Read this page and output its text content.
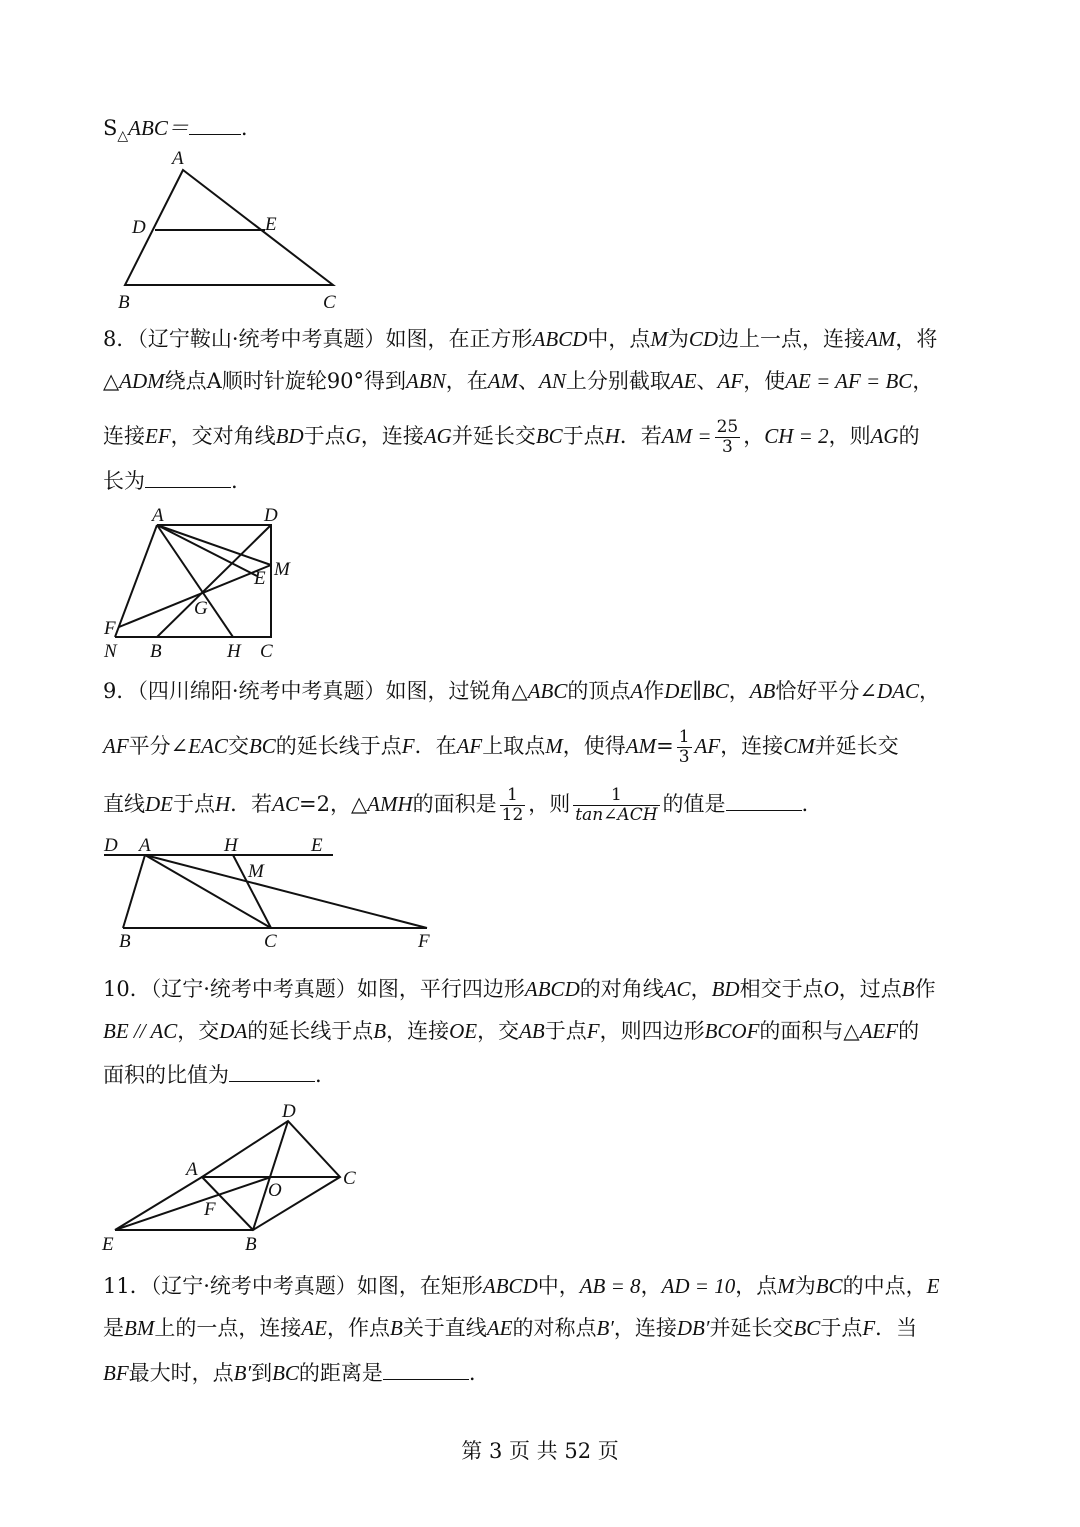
$S_\triangle ABC=$ .
A
D	E
B	C
8．（辽宁鞍山·统考中考真题）如图，在正方形ABCD中，点M为CD边上一点，连接AM，将
△ADM绕点A顺时针旋轮90°得到ABN，在AM、AN上分别截取AE、AF，使AE = AF = BC，
连接EF，交对角线BD于点G，连接AG并延长交BC于点H．若AM = $\frac{25}{3}$ ，CH = 2，则AG的
长为	.
A	D
M
E
G
F
N B	H C
9．（四川绵阳·统考中考真题）如图，过锐角△ABC的顶点A作DE∥BC，AB恰好平分∠DAC，
AF平分∠EAC交BC的延长线于点F．在AF上取点M，使得$AM= \frac{1}{3}$ AF，连接CM并延长交
直线DE于点H．若AC=2，△AMH的面积是 $\frac{1}{12}$ ，则 $\frac{1}{\text{tan∠ACH}}$ 的值是	.
D A	H	E
M
B	C	F
10．（辽宁·统考中考真题）如图，平行四边形ABCD的对角线AC，BD相交于点O，过点B作
BE // AC，交DA的延长线于点B，连接OE，交AB于点F，则四边形BCOF的面积与△AEF的
面积的比值为	.
D
A
O
C
F
E	B
11．（辽宁·统考中考真题）如图，在矩形ABCD中，AB = 8，AD = 10，点M为BC的中点，E
是BM上的一点，连接AE，作点B关于直线AE的对称点B′，连接DB′并延长交BC于点F．当
BF最大时，点B′到BC的距离是	.
第 3 页 共 52 页
